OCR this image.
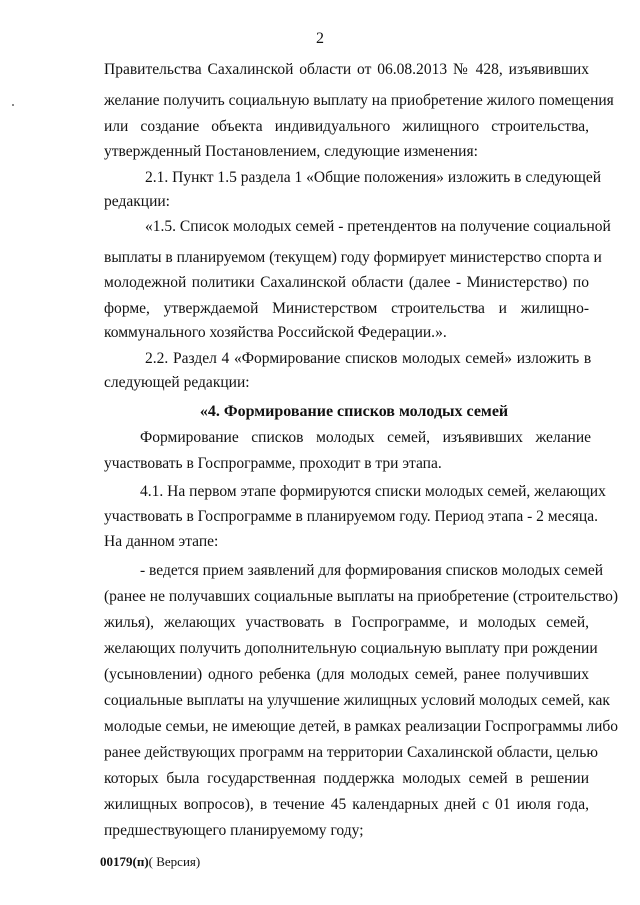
2
Правительства Сахалинской области от 06.08.2013 № 428, изъявивших
желание получить социальную выплату на приобретение жилого помещения
или создание объекта индивидуального жилищного строительства,
утвержденный Постановлением, следующие изменения:
2.1. Пункт 1.5 раздела 1 «Общие положения» изложить в следующей
редакции:
«1.5. Список молодых семей - претендентов на получение социальной
выплаты в планируемом (текущем) году формирует министерство спорта и
молодежной политики Сахалинской области (далее - Министерство) по
форме, утверждаемой Министерством строительства и жилищно-
коммунального хозяйства Российской Федерации.».
2.2. Раздел 4 «Формирование списков молодых семей» изложить в
следующей редакции:
«4. Формирование списков молодых семей
Формирование списков молодых семей, изъявивших желание
участвовать в Госпрограмме, проходит в три этапа.
4.1. На первом этапе формируются списки молодых семей, желающих
участвовать в Госпрограмме в планируемом году. Период этапа - 2 месяца.
На данном этапе:
- ведется прием заявлений для формирования списков молодых семей
(ранее не получавших социальные выплаты на приобретение (строительство)
жилья), желающих участвовать в Госпрограмме, и молодых семей,
желающих получить дополнительную социальную выплату при рождении
(усыновлении) одного ребенка (для молодых семей, ранее получивших
социальные выплаты на улучшение жилищных условий молодых семей, как
молодые семьи, не имеющие детей, в рамках реализации Госпрограммы либо
ранее действующих программ на территории Сахалинской области, целью
которых была государственная поддержка молодых семей в решении
жилищных вопросов), в течение 45 календарных дней с 01 июля года,
предшествующего планируемому году;
00179(п)( Версия)
